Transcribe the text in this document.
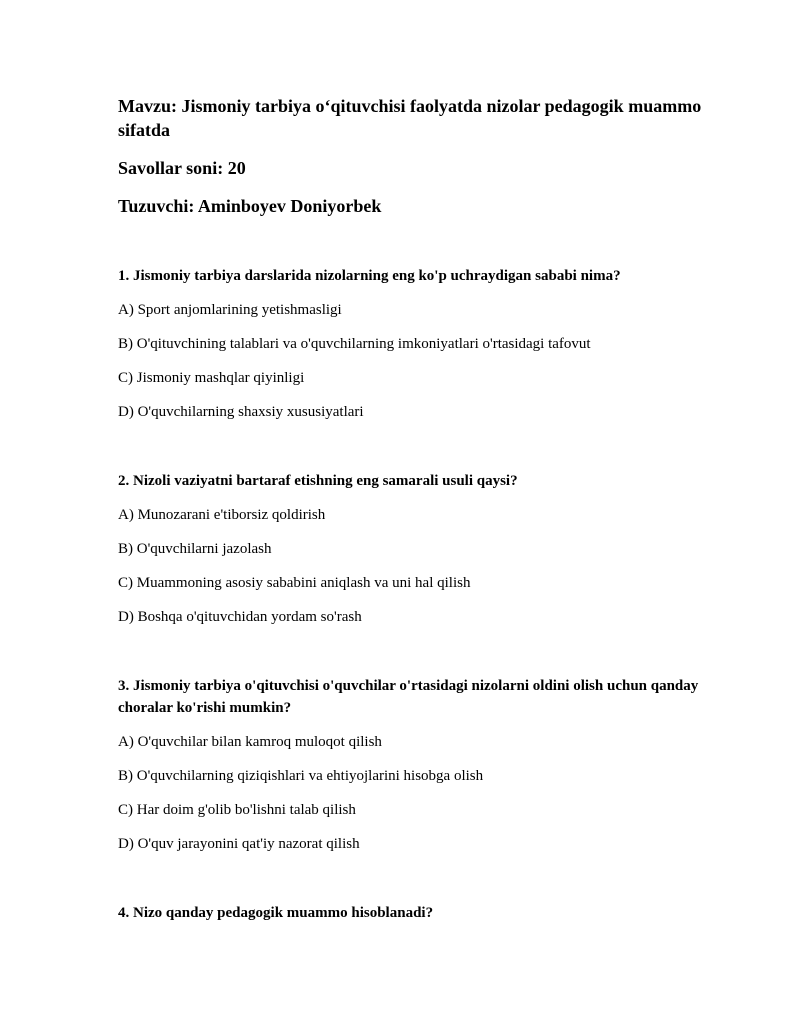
Mavzu: Jismoniy tarbiya o‘qituvchisi faolyatda nizolar pedagogik muammo sifatda

Savollar soni: 20

Tuzuvchi: Aminboyev Doniyorbek

1. Jismoniy tarbiya darslarida nizolarning eng ko'p uchraydigan sababi nima?

A) Sport anjomlarining yetishmasligi

B) O'qituvchining talablari va o'quvchilarning imkoniyatlari o'rtasidagi tafovut

C) Jismoniy mashqlar qiyinligi

D) O'quvchilarning shaxsiy xususiyatlari

2. Nizoli vaziyatni bartaraf etishning eng samarali usuli qaysi?

A) Munozarani e'tiborsiz qoldirish

B) O'quvchilarni jazolash

C) Muammoning asosiy sababini aniqlash va uni hal qilish

D) Boshqa o'qituvchidan yordam so'rash

3. Jismoniy tarbiya o'qituvchisi o'quvchilar o'rtasidagi nizolarni oldini olish uchun qanday choralar ko'rishi mumkin?

A) O'quvchilar bilan kamroq muloqot qilish

B) O'quvchilarning qiziqishlari va ehtiyojlarini hisobga olish

C) Har doim g'olib bo'lishni talab qilish

D) O'quv jarayonini qat'iy nazorat qilish

4. Nizo qanday pedagogik muammo hisoblanadi?
